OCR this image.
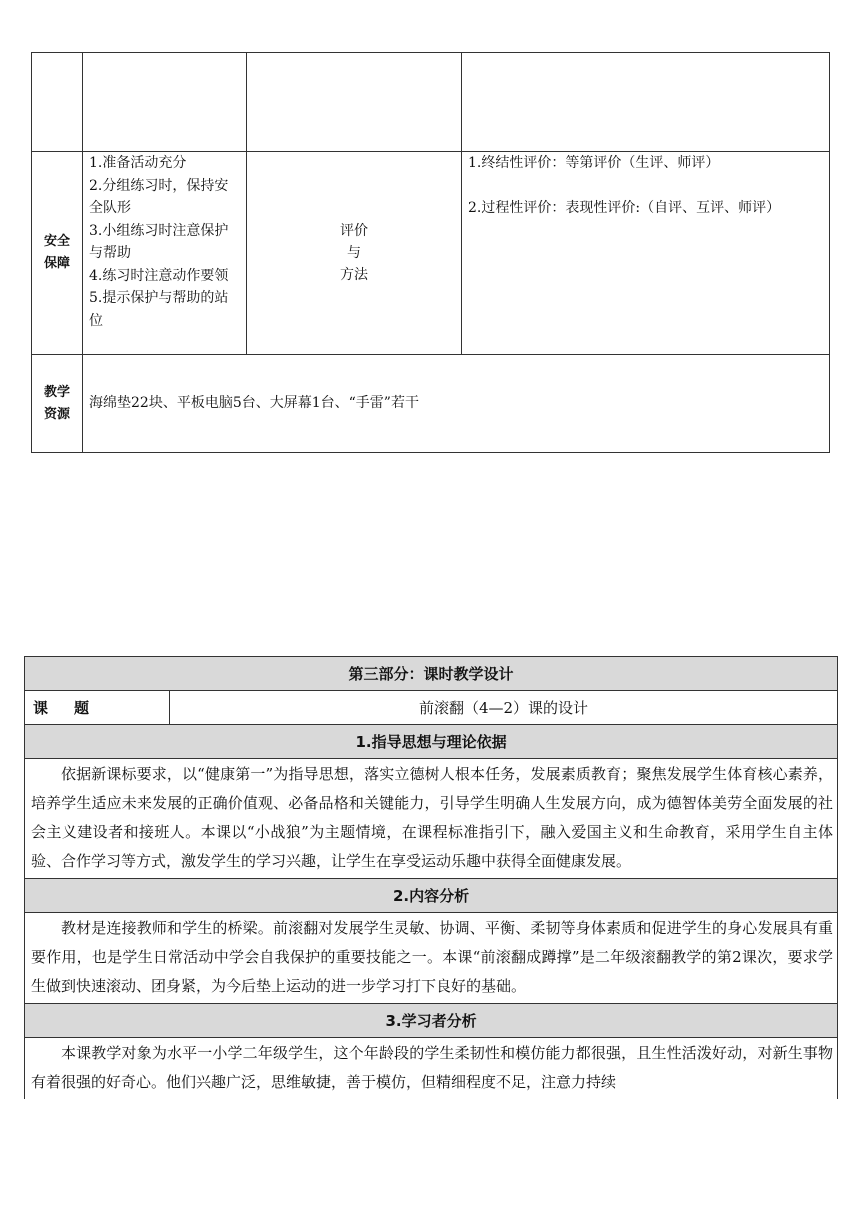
安全保障	1.准备活动充分
2.分组练习时，保持安全队形
3.小组练习时注意保护与帮助
4.练习时注意动作要领
5.提示保护与帮助的站位	评价
与
方法	1.终结性评价：等第评价（生评、师评）
2.过程性评价：表现性评价:（自评、互评、师评）

教学资源	海绵垫22块、平板电脑5台、大屏幕1台、“手雷”若干		
第三部分：课时教学设计
课题	前滚翻（4—2）课的设计
1.指导思想与理论依据
依据新课标要求，以“健康第一”为指导思想，落实立德树人根本任务，发展素质教育；聚焦发展学生体育核心素养，培养学生适应未来发展的正确价值观、必备品格和关键能力，引导学生明确人生发展方向，成为德智体美劳全面发展的社会主义建设者和接班人。本课以“小战狼”为主题情境，在课程标准指引下，融入爱国主义和生命教育，采用学生自主体验、合作学习等方式，激发学生的学习兴趣，让学生在享受运动乐趣中获得全面健康发展。
2.内容分析
教材是连接教师和学生的桥梁。前滚翻对发展学生灵敏、协调、平衡、柔韧等身体素质和促进学生的身心发展具有重要作用，也是学生日常活动中学会自我保护的重要技能之一。本课“前滚翻成蹲撑”是二年级滚翻教学的第2课次，要求学生做到快速滚动、团身紧，为今后垫上运动的进一步学习打下良好的基础。
3.学习者分析
本课教学对象为水平一小学二年级学生，这个年龄段的学生柔韧性和模仿能力都很强，且生性活泼好动，对新生事物有着很强的好奇心。他们兴趣广泛，思维敏捷，善于模仿，但精细程度不足，注意力持续
